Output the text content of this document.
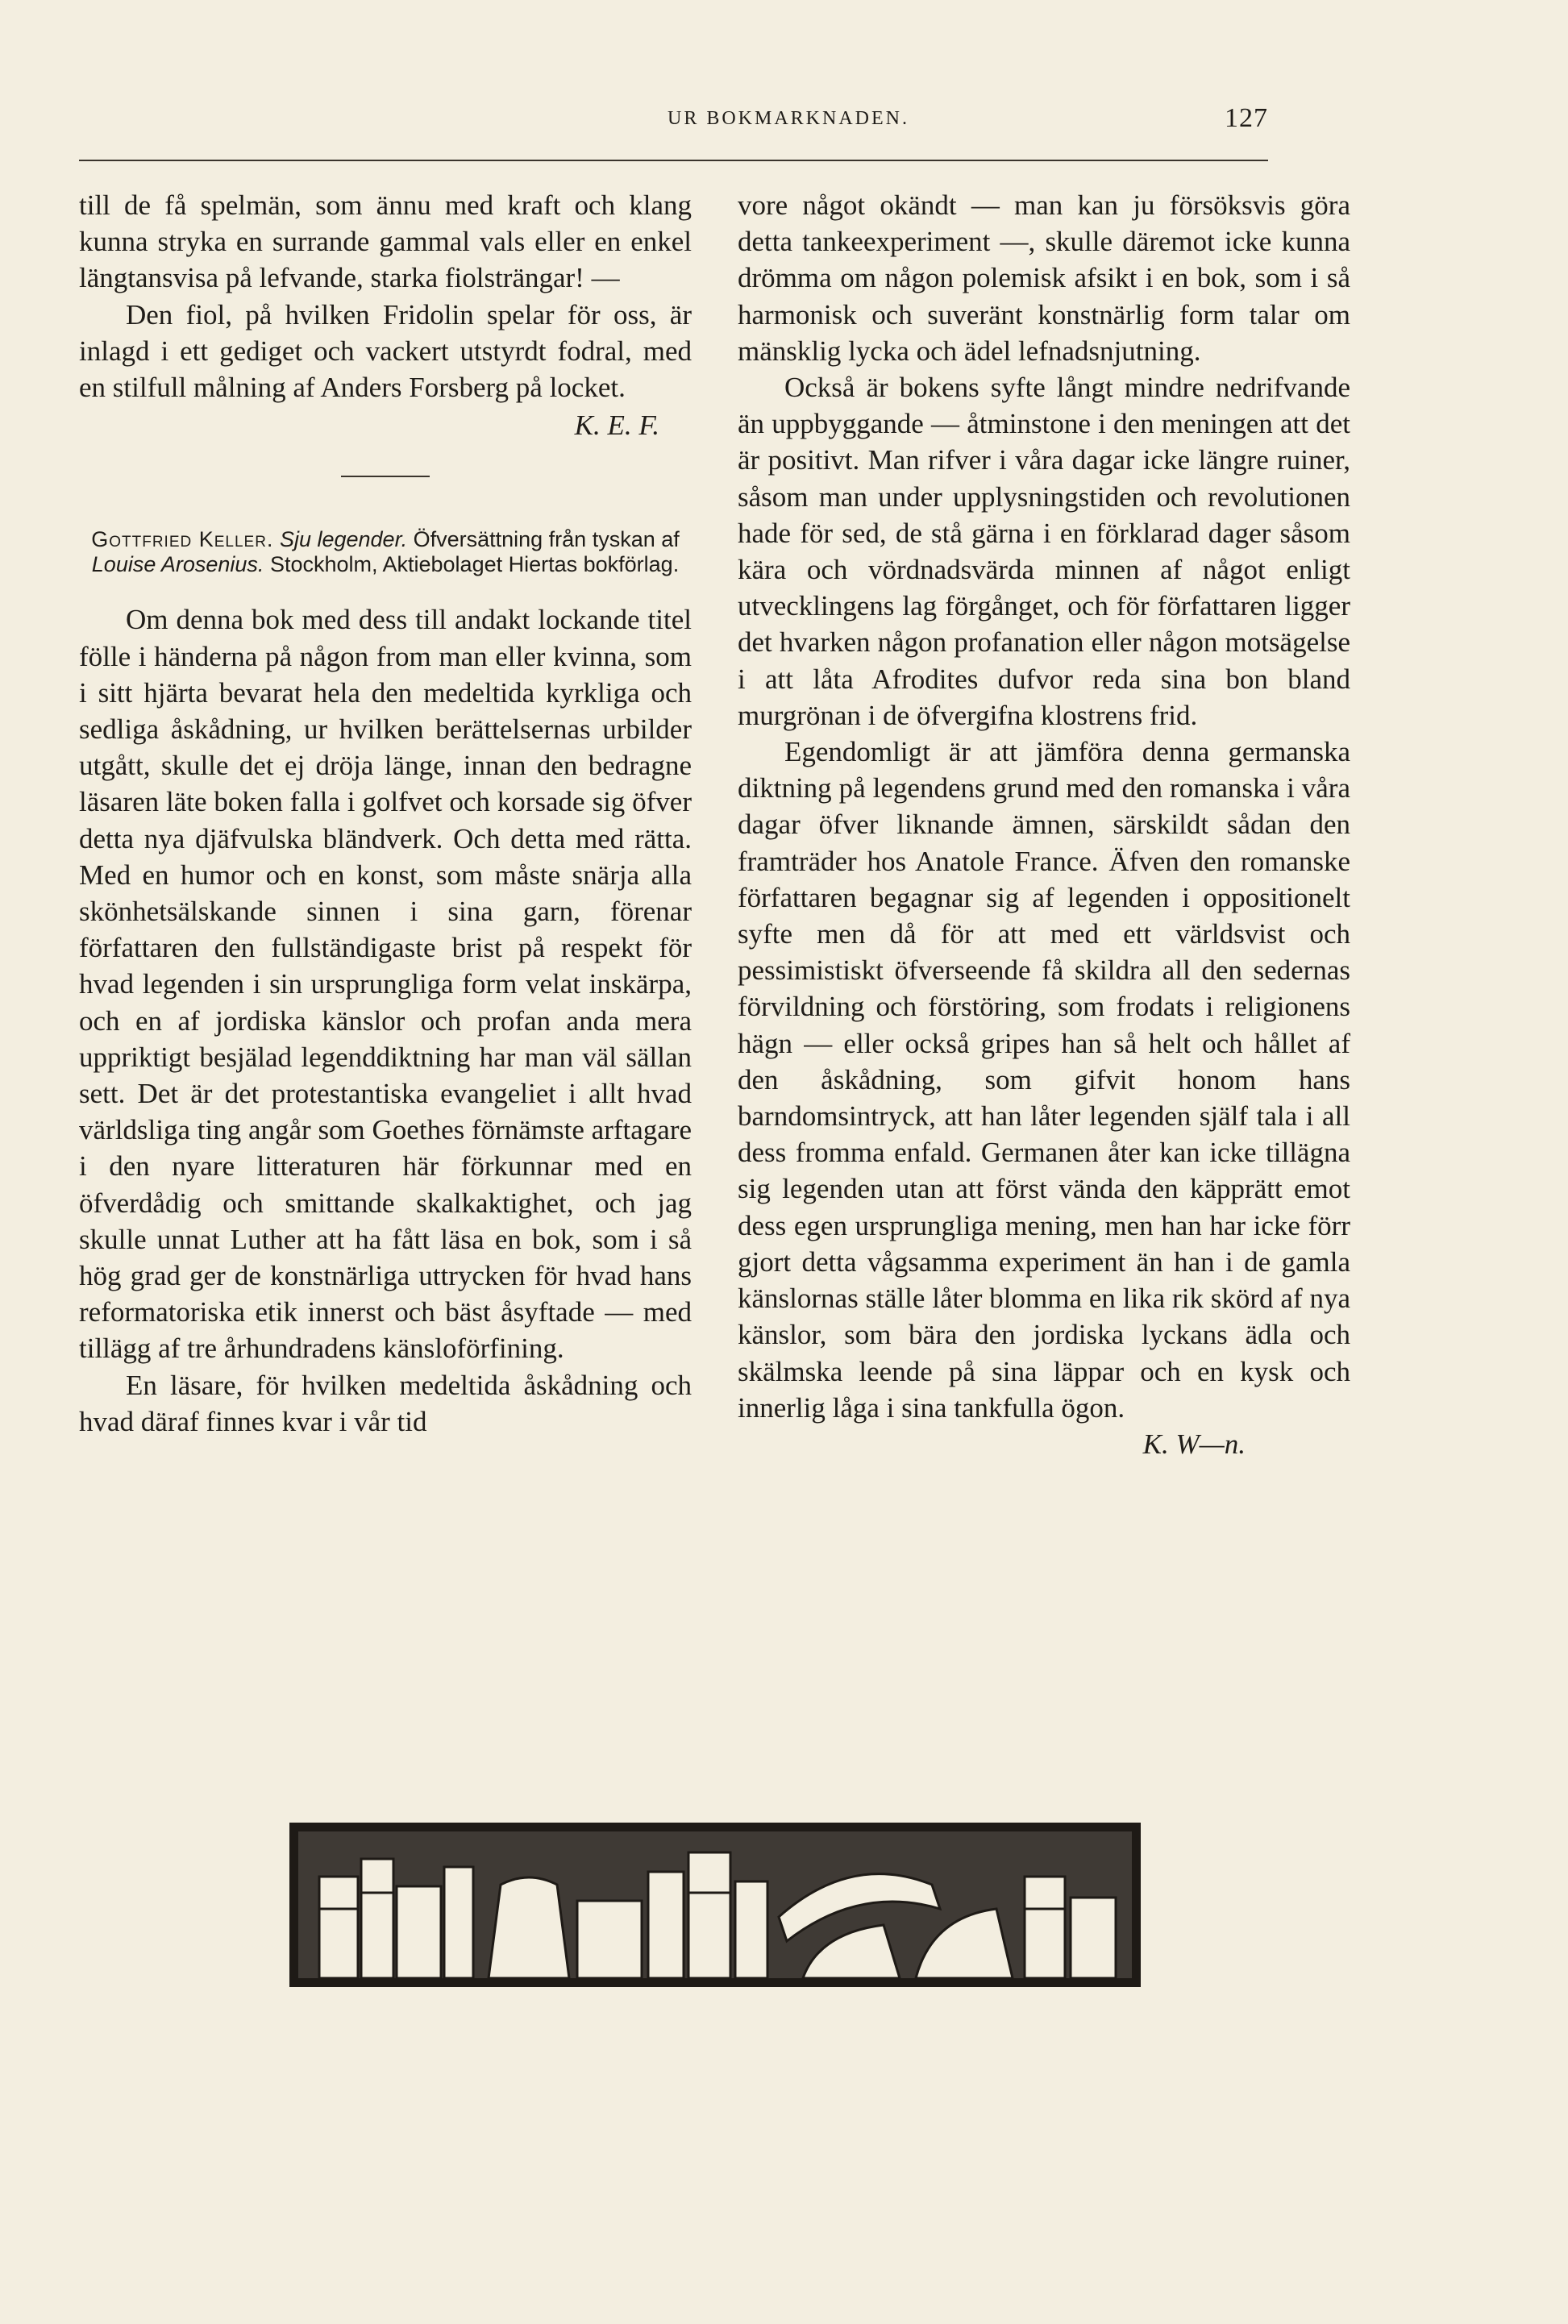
UR BOKMARKNADEN.	127

till de få spelmän, som ännu med kraft och klang kunna stryka en surrande gammal vals eller en enkel längtansvisa på lefvande, starka fiolsträngar! —

Den fiol, på hvilken Fridolin spelar för oss, är inlagd i ett gediget och vackert utstyrdt fodral, med en stilfull målning af Anders Forsberg på locket.

K. E. F.

Gottfried Keller. Sju legender. Öfversättning från tyskan af Louise Arosenius. Stockholm, Aktiebolaget Hiertas bokförlag.

Om denna bok med dess till andakt lockande titel fölle i händerna på någon from man eller kvinna, som i sitt hjärta bevarat hela den medeltida kyrkliga och sedliga åskådning, ur hvilken berättelsernas urbilder utgått, skulle det ej dröja länge, innan den bedragne läsaren läte boken falla i golfvet och korsade sig öfver detta nya djäfvulska bländverk. Och detta med rätta. Med en humor och en konst, som måste snärja alla skönhetsälskande sinnen i sina garn, förenar författaren den fullständigaste brist på respekt för hvad legenden i sin ursprungliga form velat inskärpa, och en af jordiska känslor och profan anda mera uppriktigt besjälad legenddiktning har man väl sällan sett. Det är det protestantiska evangeliet i allt hvad världsliga ting angår som Goethes förnämste arftagare i den nyare litteraturen här förkunnar med en öfverdådig och smittande skalkaktighet, och jag skulle unnat Luther att ha fått läsa en bok, som i så hög grad ger de konstnärliga uttrycken för hvad hans reformatoriska etik innerst och bäst åsyftade — med tillägg af tre århundradens känsloförfining.

En läsare, för hvilken medeltida åskådning och hvad däraf finnes kvar i vår tid

vore något okändt — man kan ju försöksvis göra detta tankeexperiment —, skulle däremot icke kunna drömma om någon polemisk afsikt i en bok, som i så harmonisk och suveränt konstnärlig form talar om mänsklig lycka och ädel lefnadsnjutning.

Också är bokens syfte långt mindre nedrifvande än uppbyggande — åtminstone i den meningen att det är positivt. Man rifver i våra dagar icke längre ruiner, såsom man under upplysningstiden och revolutionen hade för sed, de stå gärna i en förklarad dager såsom kära och vördnadsvärda minnen af något enligt utvecklingens lag förgånget, och för författaren ligger det hvarken någon profanation eller någon motsägelse i att låta Afrodites dufvor reda sina bon bland murgrönan i de öfvergifna klostrens frid.

Egendomligt är att jämföra denna germanska diktning på legendens grund med den romanska i våra dagar öfver liknande ämnen, särskildt sådan den framträder hos Anatole France. Äfven den romanske författaren begagnar sig af legenden i oppositionelt syfte men då för att med ett världsvist och pessimistiskt öfverseende få skildra all den sedernas förvildning och förstöring, som frodats i religionens hägn — eller också gripes han så helt och hållet af den åskådning, som gifvit honom hans barndomsintryck, att han låter legenden själf tala i all dess fromma enfald. Germanen åter kan icke tillägna sig legenden utan att först vända den käpprätt emot dess egen ursprungliga mening, men han har icke förr gjort detta vågsamma experiment än han i de gamla känslornas ställe låter blomma en lika rik skörd af nya känslor, som bära den jordiska lyckans ädla och skälmska leende på sina läppar och en kysk och innerlig låga i sina tankfulla ögon.

K. W—n.
